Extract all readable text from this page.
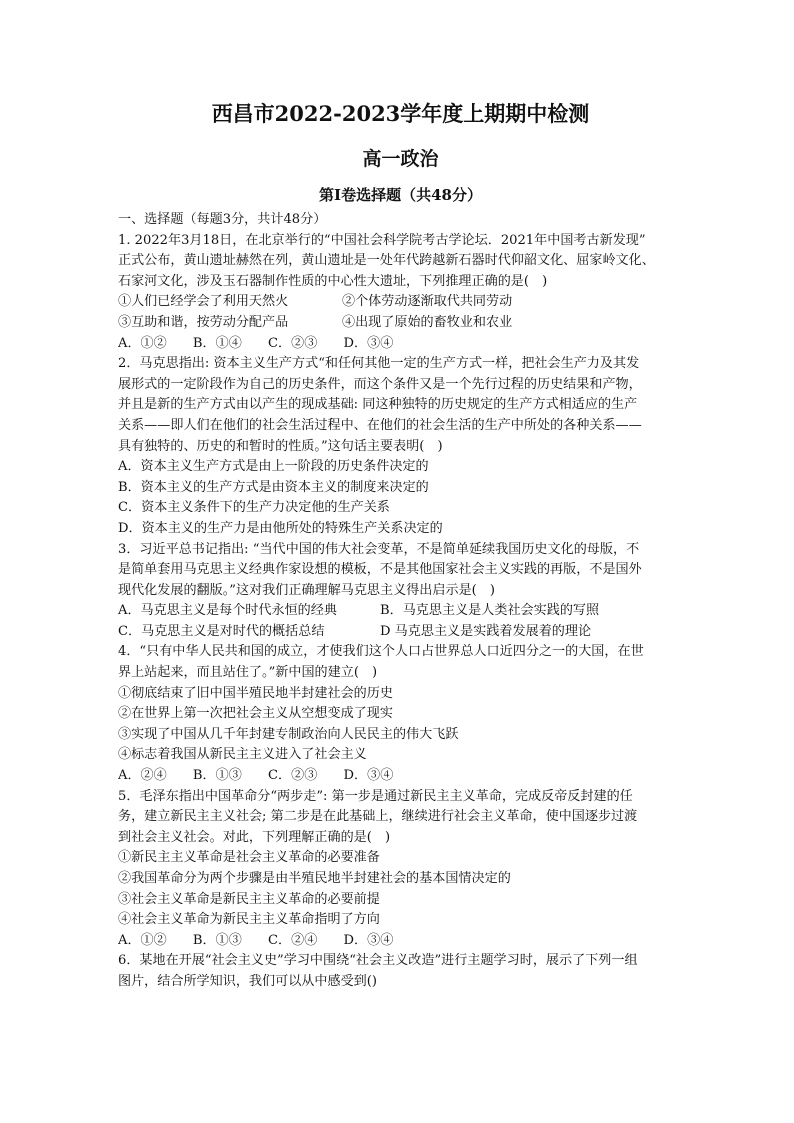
西昌市2022-2023学年度上期期中检测
高一政治
第Ⅰ卷选择题（共48分）
一、选择题（每题3分，共计48分）
1. 2022年3月18日，在北京举行的“中国社会科学院考古学论坛．2021年中国考古新发现”
正式公布，黄山遗址赫然在列，黄山遗址是一处年代跨越新石器时代仰韶文化、屈家岭文化、
石家河文化，涉及玉石器制作性质的中心性大遗址，下列推理正确的是(　)
①人们已经学会了利用天然火	②个体劳动逐渐取代共同劳动
③互助和谐，按劳动分配产品	④出现了原始的畜牧业和农业
A．①②　　B．①④　　C．②③　　D．③④
2．马克思指出: 资本主义生产方式“和任何其他一定的生产方式一样，把社会生产力及其发
展形式的一定阶段作为自己的历史条件，而这个条件又是一个先行过程的历史结果和产物，
并且是新的生产方式由以产生的现成基础: 同这种独特的历史规定的生产方式相适应的生产
关系——即人们在他们的社会生活过程中、在他们的社会生活的生产中所处的各种关系——
具有独特的、历史的和暂时的性质。”这句话主要表明(　)
A．资本主义生产方式是由上一阶段的历史条件决定的
B．资本主义的生产方式是由资本主义的制度来决定的
C．资本主义条件下的生产力决定他的生产关系
D．资本主义的生产力是由他所处的特殊生产关系决定的
3．习近平总书记指出: “当代中国的伟大社会变革，不是简单延续我国历史文化的母版，不
是简单套用马克思主义经典作家设想的模板，不是其他国家社会主义实践的再版，不是国外
现代化发展的翻版。”这对我们正确理解马克思主义得出启示是(　)
A．马克思主义是每个时代永恒的经典	B．马克思主义是人类社会实践的写照
C．马克思主义是对时代的概括总结	D 马克思主义是实践着发展着的理论
4．“只有中华人民共和国的成立，才使我们这个人口占世界总人口近四分之一的大国，在世
界上站起来，而且站住了。”新中国的建立(　)
①彻底结束了旧中国半殖民地半封建社会的历史
②在世界上第一次把社会主义从空想变成了现实
③实现了中国从几千年封建专制政治向人民民主的伟大飞跃
④标志着我国从新民主主义进入了社会主义
A．②④　　B．①③　　C．②③　　D．③④
5．毛泽东指出中国革命分“两步走”: 第一步是通过新民主主义革命，完成反帝反封建的任
务，建立新民主主义社会; 第二步是在此基础上，继续进行社会主义革命，使中国逐步过渡
到社会主义社会。对此，下列理解正确的是(　)
①新民主主义革命是社会主义革命的必要准备
②我国革命分为两个步骤是由半殖民地半封建社会的基本国情决定的
③社会主义革命是新民主主义革命的必要前提
④社会主义革命为新民主主义革命指明了方向
A．①②　　B．①③　　C．②④　　D．③④
6．某地在开展“社会主义史”学习中围绕“社会主义改造”进行主题学习时，展示了下列一组
图片，结合所学知识，我们可以从中感受到()
